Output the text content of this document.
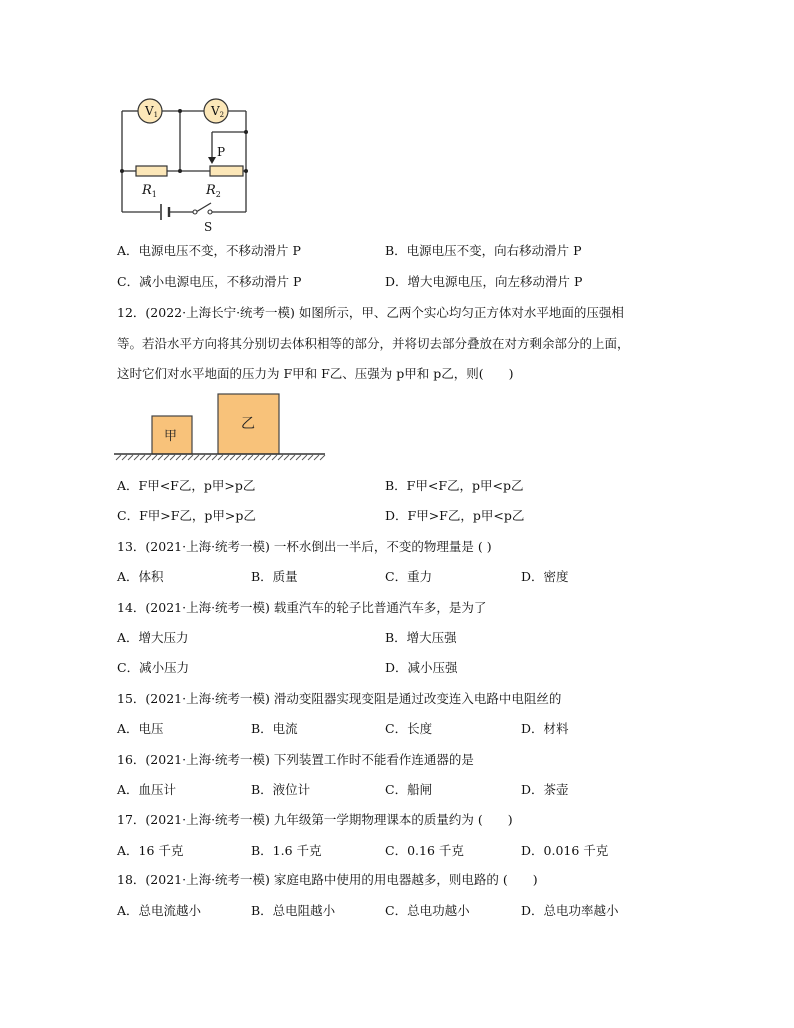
V1	V2
P
S
$R_1$	$R_2$
A．电源电压不变，不移动滑片 P	B．电源电压不变，向右移动滑片 P
C．减小电源电压，不移动滑片 P	D．增大电源电压，向左移动滑片 P
12．(2022·上海长宁·统考一模) 如图所示，甲、乙两个实心均匀正方体对水平地面的压强相
等。若沿水平方向将其分别切去体积相等的部分，并将切去部分叠放在对方剩余部分的上面，
这时它们对水平地面的压力为 F甲和 F乙、压强为 p甲和 p乙，则(　　)
甲
乙
A．F甲<F乙，p甲>p乙	B．F甲<F乙，p甲<p乙
C．F甲>F乙，p甲>p乙	D．F甲>F乙，p甲<p乙
13．(2021·上海·统考一模) 一杯水倒出一半后，不变的物理量是 ( )
A．体积	B．质量	C．重力	D．密度
14．(2021·上海·统考一模) 载重汽车的轮子比普通汽车多，是为了
A．增大压力	B．增大压强
C．减小压力	D．减小压强
15．(2021·上海·统考一模) 滑动变阻器实现变阻是通过改变连入电路中电阻丝的
A．电压	B．电流	C．长度	D．材料
16．(2021·上海·统考一模) 下列装置工作时不能看作连通器的是
A．血压计	B．液位计	C．船闸	D．茶壶
17．(2021·上海·统考一模) 九年级第一学期物理课本的质量约为 (　　)
A．16 千克	B．1.6 千克	C．0.16 千克	D．0.016 千克
18．(2021·上海·统考一模) 家庭电路中使用的用电器越多，则电路的 (　　)
A．总电流越小	B．总电阻越小	C．总电功越小	D．总电功率越小
